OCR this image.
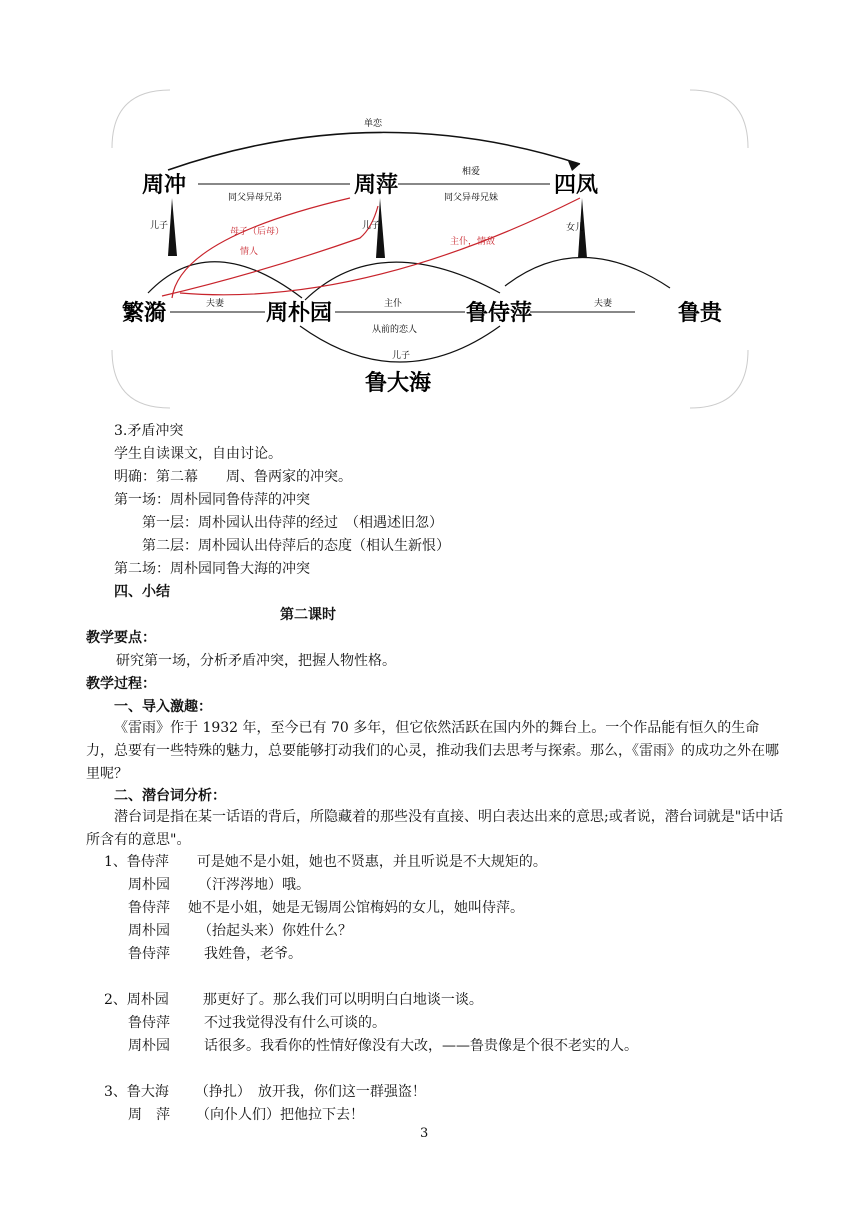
周冲	周萍	四凤
繁漪	周朴园	鲁侍萍	鲁贵
鲁大海
单恋
同父异母兄弟
相爱
同父异母兄妹
儿子	儿子	女儿
母子（后母）
情人
主仆，情敌
夫妻	主仆
从前的恋人
夫妻
儿子
3.矛盾冲突
学生自读课文，自由讨论。
明确：第二幕　　周、鲁两家的冲突。
第一场：周朴园同鲁侍萍的冲突
第一层：周朴园认出侍萍的经过　（相遇述旧忽）
第二层：周朴园认出侍萍后的态度（相认生新恨）
第二场：周朴园同鲁大海的冲突
四、小结
第二课时
教学要点：
研究第一场，分析矛盾冲突，把握人物性格。
教学过程：
一、导入激趣：
《雷雨》作于 1932 年，至今已有 70 多年，但它依然活跃在国内外的舞台上。一个作品能有恒久的生命力，总要有一些特殊的魅力，总要能够打动我们的心灵，推动我们去思考与探索。那么，《雷雨》的成功之外在哪里呢？
二、潜台词分析：
潜台词是指在某一话语的背后，所隐藏着的那些没有直接、明白表达出来的意思;或者说，潜台词就是"话中话所含有的意思"。
1、鲁侍萍 可是她不是小姐，她也不贤惠，并且听说是不大规矩的。
周朴园 （汗涔涔地）哦。
鲁侍萍 她不是小姐，她是无锡周公馆梅妈的女儿，她叫侍萍。
周朴园 （抬起头来）你姓什么？
鲁侍萍 我姓鲁，老爷。
2、周朴园 那更好了。那么我们可以明明白白地谈一谈。
鲁侍萍 不过我觉得没有什么可谈的。
周朴园 话很多。我看你的性情好像没有大改，——鲁贵像是个很不老实的人。
3、鲁大海 （挣扎）　放开我，你们这一群强盗！
周　萍 （向仆人们）把他拉下去！
3
